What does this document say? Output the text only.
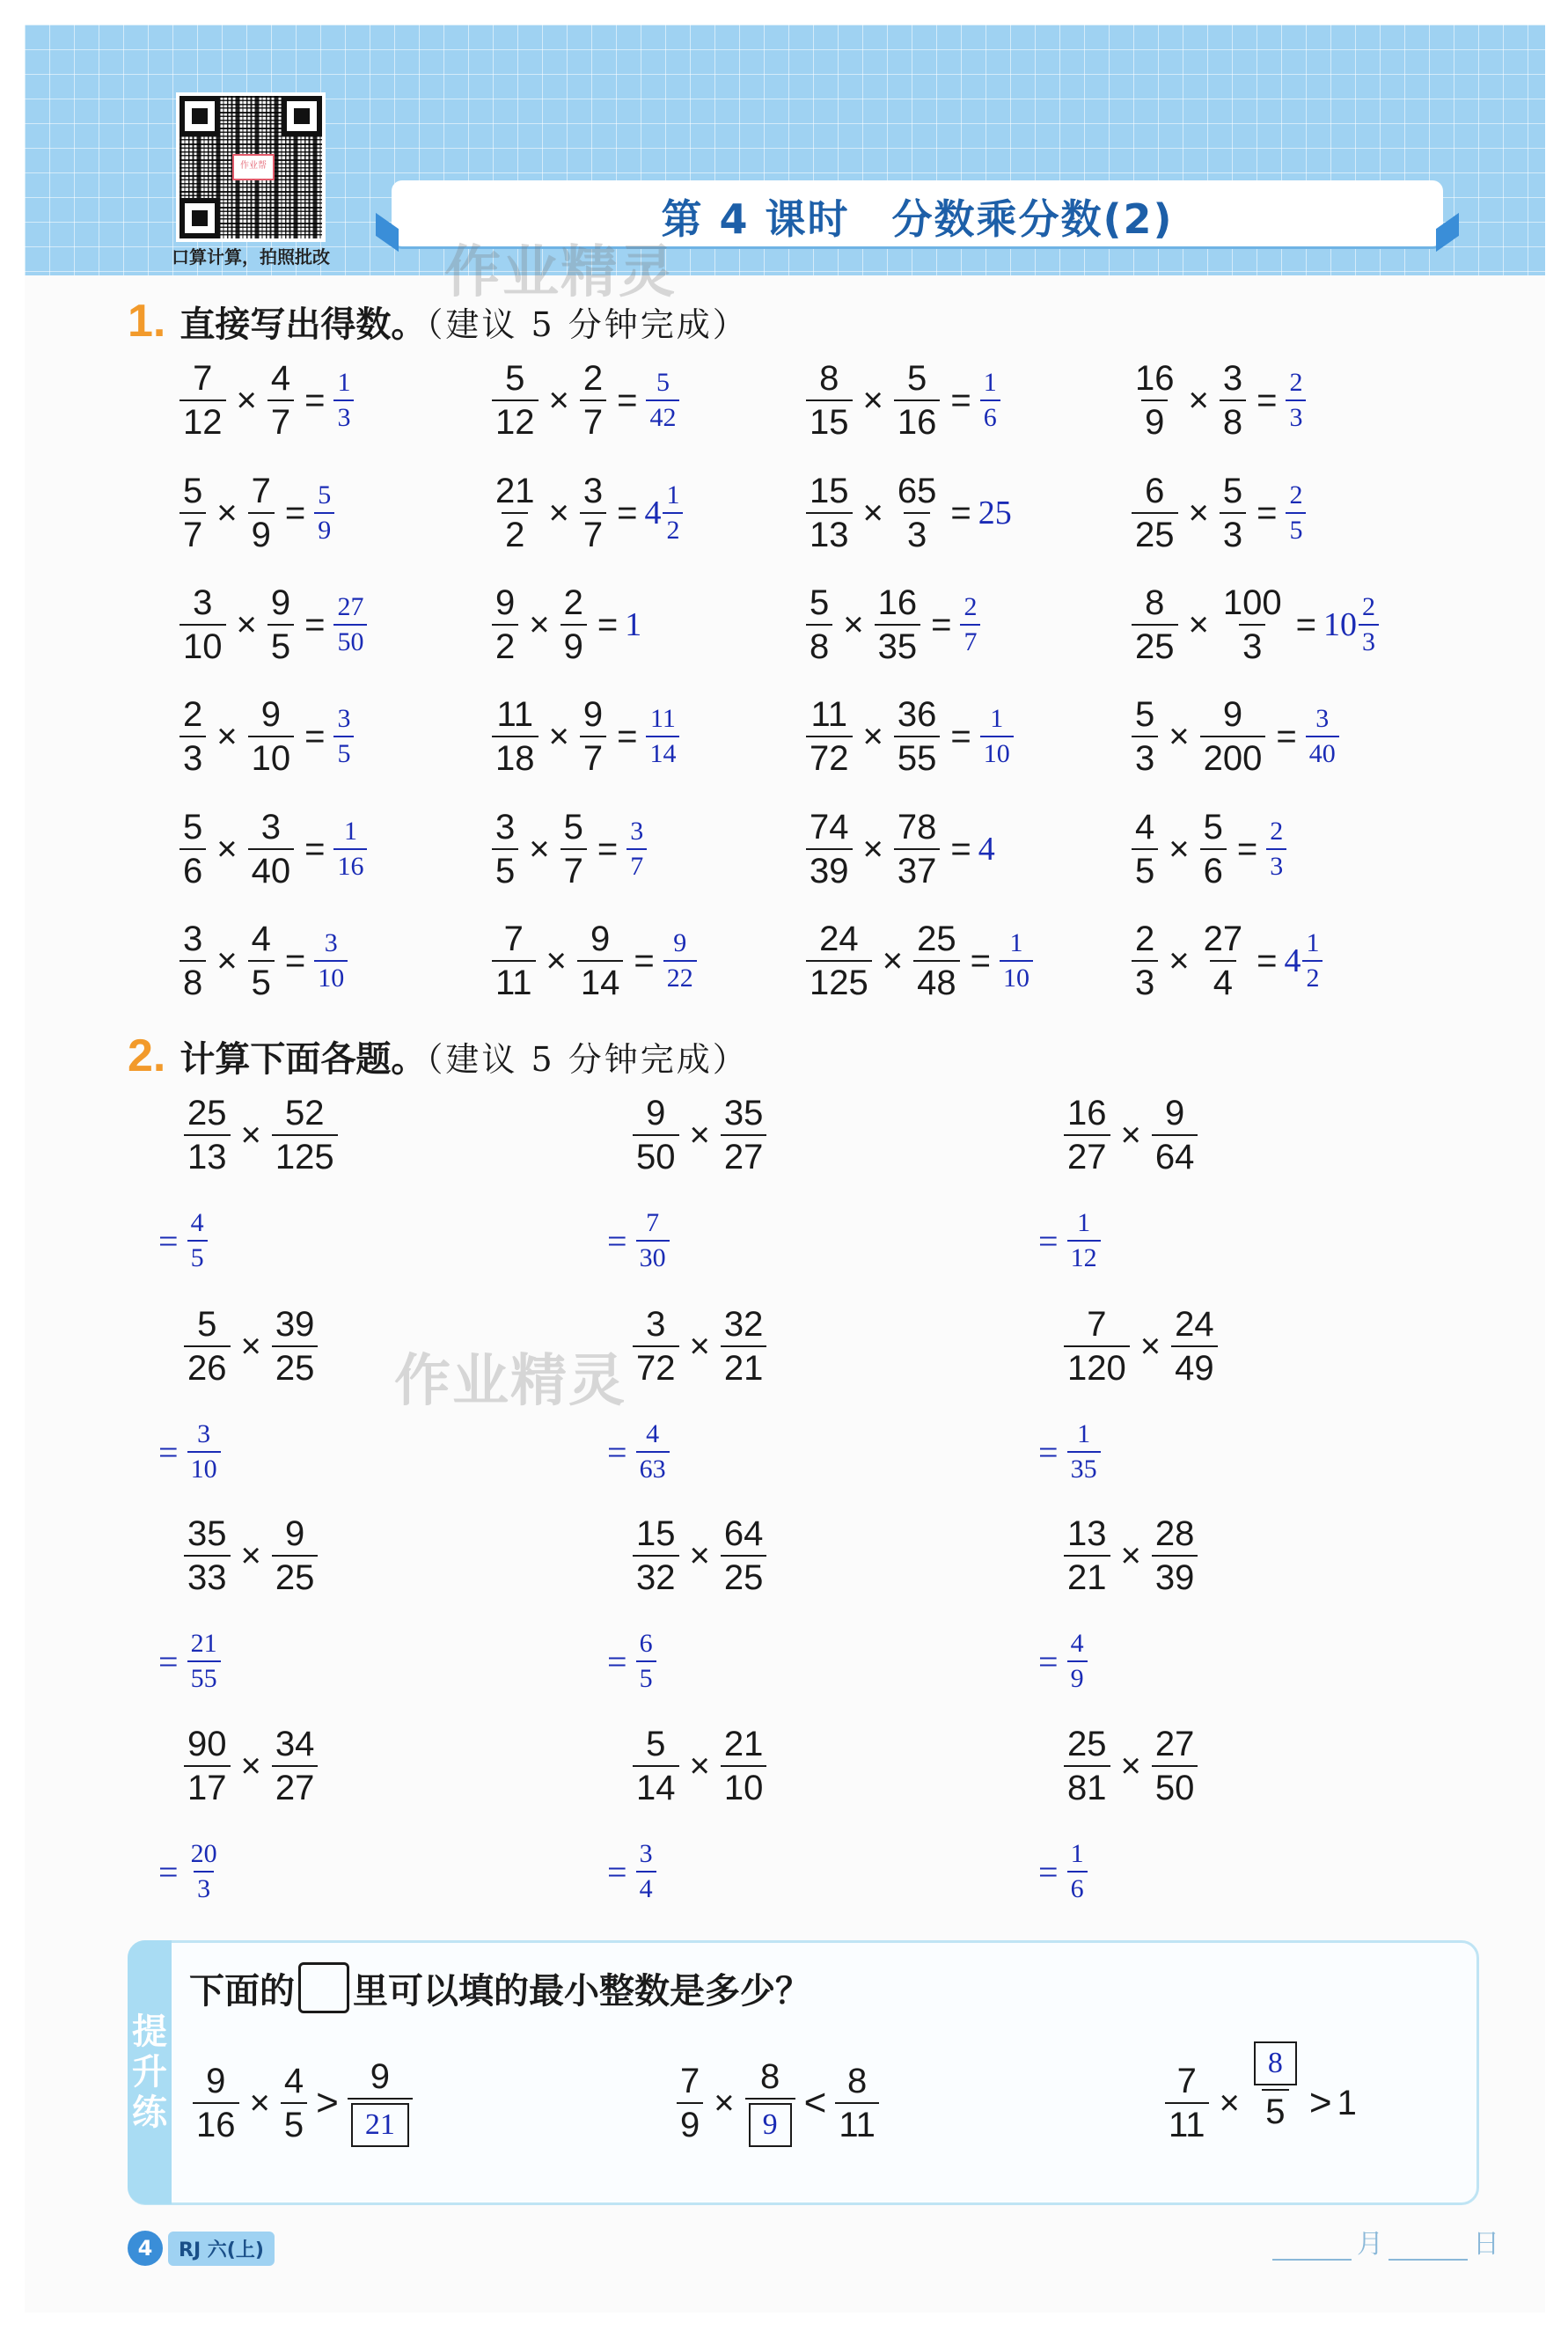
作业帮
口算计算，拍照批改
第 4 课时　分数乘分数(2)
作业精灵
作业精灵
1. 直接写出得数。（建议 5 分钟完成）
$\frac{7}{12} \times \frac{4}{7} = \frac{1}{3}$	$\frac{5}{12} \times \frac{2}{7} = \frac{5}{42}$	$\frac{8}{15} \times \frac{5}{16} = \frac{1}{6}$	$\frac{16}{9} \times \frac{3}{8} = \frac{2}{3}$
$\frac{5}{7} \times \frac{7}{9} = \frac{5}{9}$	$\frac{21}{2} \times \frac{3}{7} = 4 \frac{1}{2}$	$\frac{15}{13} \times \frac{65}{3} = 25$	$\frac{6}{25} \times \frac{5}{3} = \frac{2}{5}$
$\frac{3}{10} \times \frac{9}{5} = \frac{27}{50}$	$\frac{9}{2} \times \frac{2}{9} = 1$	$\frac{5}{8} \times \frac{16}{35} = \frac{2}{7}$	$\frac{8}{25} \times \frac{100}{3} = 10 \frac{2}{3}$
$\frac{2}{3} \times \frac{9}{10} = \frac{3}{5}$	$\frac{11}{18} \times \frac{9}{7} = \frac{11}{14}$	$\frac{11}{72} \times \frac{36}{55} = \frac{1}{10}$	$\frac{5}{3} \times \frac{9}{200} = \frac{3}{40}$
$\frac{5}{6} \times \frac{3}{40} = \frac{1}{16}$	$\frac{3}{5} \times \frac{5}{7} = \frac{3}{7}$	$\frac{74}{39} \times \frac{78}{37} = 4$	$\frac{4}{5} \times \frac{5}{6} = \frac{2}{3}$
$\frac{3}{8} \times \frac{4}{5} = \frac{3}{10}$	$\frac{7}{11} \times \frac{9}{14} = \frac{9}{22}$	$\frac{24}{125} \times \frac{25}{48} = \frac{1}{10}$	$\frac{2}{3} \times \frac{27}{4} = 4 \frac{1}{2}$
2. 计算下面各题。（建议 5 分钟完成）
$\frac{25}{13} \times \frac{52}{125}$
= $\frac{4}{5}$
$\frac{9}{50} \times \frac{35}{27}$
= $\frac{7}{30}$
$\frac{16}{27} \times \frac{9}{64}$
= $\frac{1}{12}$
$\frac{5}{26} \times \frac{39}{25}$
= $\frac{3}{10}$
$\frac{3}{72} \times \frac{32}{21}$
= $\frac{4}{63}$
$\frac{7}{120} \times \frac{24}{49}$
= $\frac{1}{35}$
$\frac{35}{33} \times \frac{9}{25}$
= $\frac{21}{55}$
$\frac{15}{32} \times \frac{64}{25}$
= $\frac{6}{5}$
$\frac{13}{21} \times \frac{28}{39}$
= $\frac{4}{9}$
$\frac{90}{17} \times \frac{34}{27}$
= $\frac{20}{3}$
$\frac{5}{14} \times \frac{21}{10}$
= $\frac{3}{4}$
$\frac{25}{81} \times \frac{27}{50}$
= $\frac{1}{6}$
提
升
练
下面的 里可以填的最小整数是多少？
$\frac{9}{16} \times \frac{4}{5} > \frac{9}{21}$	$\frac{7}{9} \times \frac{8}{9} < \frac{8}{11}$	$\frac{7}{11} \times \frac{8}{5} > 1$
4	RJ 六(上)	月	日
